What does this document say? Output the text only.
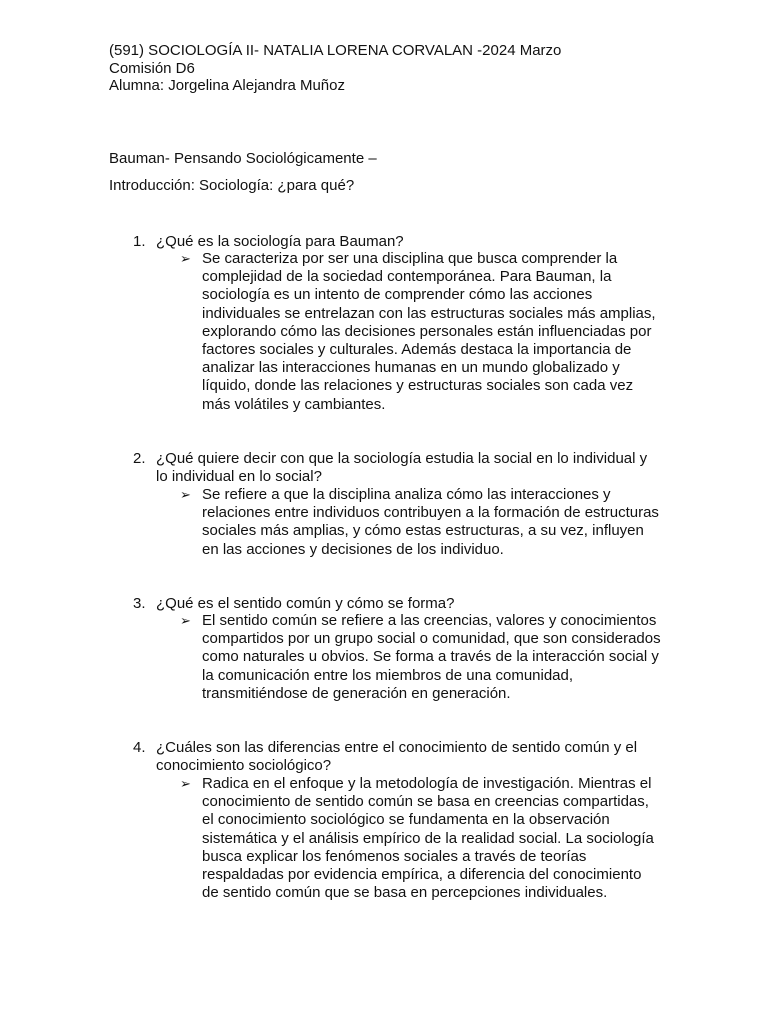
(591) SOCIOLOGÍA II- NATALIA LORENA CORVALAN -2024 Marzo
Comisión D6
Alumna: Jorgelina Alejandra Muñoz
Bauman- Pensando Sociológicamente –
Introducción: Sociología: ¿para qué?
1. ¿Qué es la sociología para Bauman?
➢ Se caracteriza por ser una disciplina que busca comprender la complejidad de la sociedad contemporánea. Para Bauman, la sociología es un intento de comprender cómo las acciones individuales se entrelazan con las estructuras sociales más amplias, explorando cómo las decisiones personales están influenciadas por factores sociales y culturales. Además destaca la importancia de analizar las interacciones humanas en un mundo globalizado y líquido, donde las relaciones y estructuras sociales son cada vez más volátiles y cambiantes.
2. ¿Qué quiere decir con que la sociología estudia la social en lo individual y lo individual en lo social?
➢ Se refiere a que la disciplina analiza cómo las interacciones y relaciones entre individuos contribuyen a la formación de estructuras sociales más amplias, y cómo estas estructuras, a su vez, influyen en las acciones y decisiones de los individuo.
3. ¿Qué es el sentido común y cómo se forma?
➢ El sentido común se refiere a las creencias, valores y conocimientos compartidos por un grupo social o comunidad, que son considerados como naturales u obvios. Se forma a través de la interacción social y la comunicación entre los miembros de una comunidad, transmitiéndose de generación en generación.
4. ¿Cuáles son las diferencias entre el conocimiento de sentido común y el conocimiento sociológico?
➢ Radica en el enfoque y la metodología de investigación. Mientras el conocimiento de sentido común se basa en creencias compartidas, el conocimiento sociológico se fundamenta en la observación sistemática y el análisis empírico de la realidad social. La sociología busca explicar los fenómenos sociales a través de teorías respaldadas por evidencia empírica, a diferencia del conocimiento de sentido común que se basa en percepciones individuales.
